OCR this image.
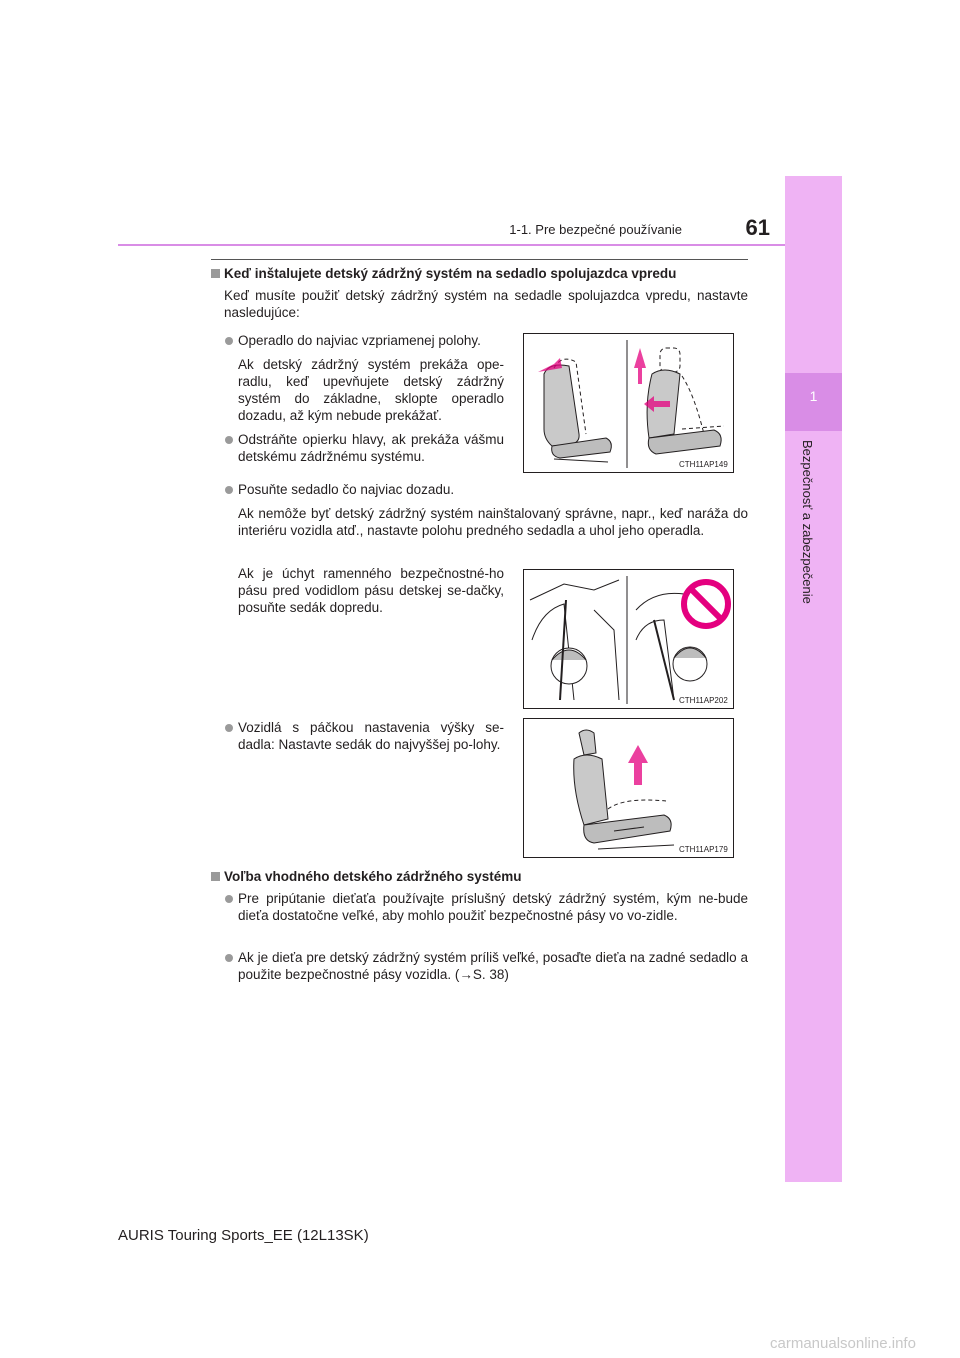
1
Bezpečnosť a zabezpečenie
1-1. Pre bezpečné používanie	61
Keď inštalujete detský zádržný systém na sedadlo spolujazdca vpredu
Keď musíte použiť detský zádržný systém na sedadle spolujazdca vpredu, nastavte nasledujúce:
Operadlo do najviac vzpriamenej polohy.
Ak detský zádržný systém prekáža ope-radlu, keď upevňujete detský zádržný systém do základne, sklopte operadlo dozadu, až kým nebude prekážať.
Odstráňte opierku hlavy, ak prekáža vášmu detskému zádržnému systému.
CTH11AP149
Posuňte sedadlo čo najviac dozadu.
Ak nemôže byť detský zádržný systém nainštalovaný správne, napr., keď naráža do interiéru vozidla atď., nastavte polohu predného sedadla a uhol jeho operadla.
Ak je úchyt ramenného bezpečnostné-ho pásu pred vodidlom pásu detskej se-dačky, posuňte sedák dopredu.
CTH11AP202
Vozidlá s páčkou nastavenia výšky se-dadla: Nastavte sedák do najvyššej po-lohy.
CTH11AP179
Voľba vhodného detského zádržného systému
Pre pripútanie dieťaťa používajte príslušný detský zádržný systém, kým ne-bude dieťa dostatočne veľké, aby mohlo použiť bezpečnostné pásy vo vo-zidle.
Ak je dieťa pre detský zádržný systém príliš veľké, posaďte dieťa na zadné sedadlo a použite bezpečnostné pásy vozidla. (→S. 38)
AURIS Touring Sports_EE (12L13SK)
carmanualsonline.info
